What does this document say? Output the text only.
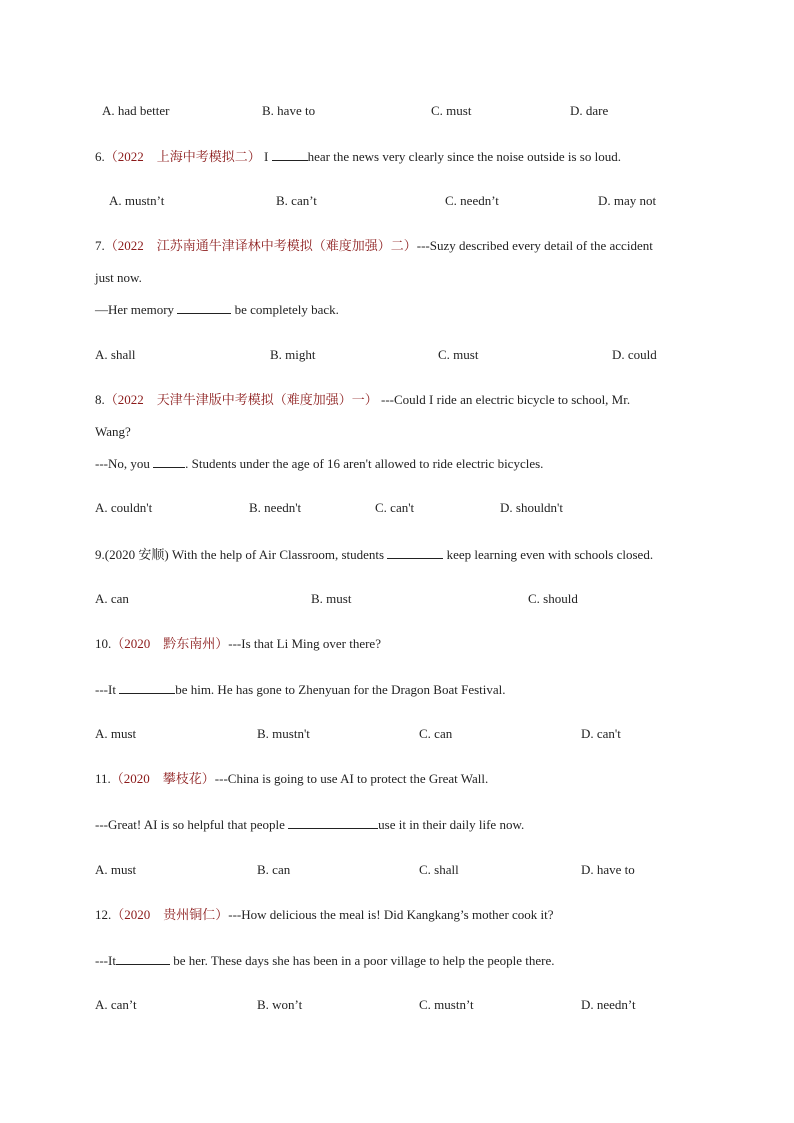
A. had better	B. have to	C. must	D. dare
6.（2022　上海中考模拟二） I	hear the news very clearly since the noise outside is so loud.
A. mustn’t	B. can’t	C. needn’t	D. may not
7.（2022　江苏南通牛津译林中考模拟（难度加强）二）---Suzy described every detail of the accident
just now.
—Her memory	be completely back.
A. shall	B. might	C. must	D. could
8.（2022　天津牛津版中考模拟（难度加强）一） ---Could I ride an electric bicycle to school, Mr.
Wang?
---No, you . Students under the age of 16 aren't allowed to ride electric bicycles.
A. couldn't	B. needn't	C. can't	D. shouldn't
9.(2020 安顺) With the help of Air Classroom, students	keep learning even with schools closed.
A. can	B. must	C. should
10.（2020　黔东南州）---Is that Li Ming over there?
---It	be him. He has gone to Zhenyuan for the Dragon Boat Festival.
A. must	B. mustn't	C. can	D. can't
11.（2020　攀枝花）---China is going to use AI to protect the Great Wall.
---Great! AI is so helpful that people	use it in their daily life now.
A. must	B. can	C. shall	D. have to
12.（2020　贵州铜仁）---How delicious the meal is! Did Kangkang’s mother cook it?
---It	be her. These days she has been in a poor village to help the people there.
A. can’t	B. won’t	C. mustn’t	D. needn’t
